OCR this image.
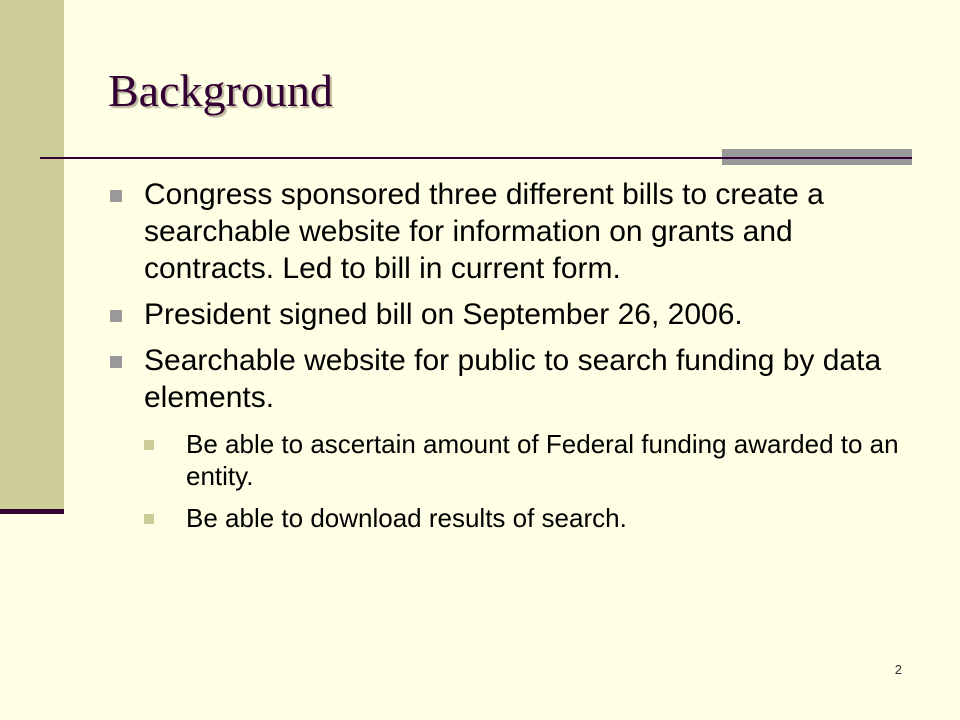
Background
Congress sponsored three different bills to create a searchable website for information on grants and contracts. Led to bill in current form.
President signed bill on September 26, 2006.
Searchable website for public to search funding by data elements.
Be able to ascertain amount of Federal funding awarded to an entity.
Be able to download results of search.
2
